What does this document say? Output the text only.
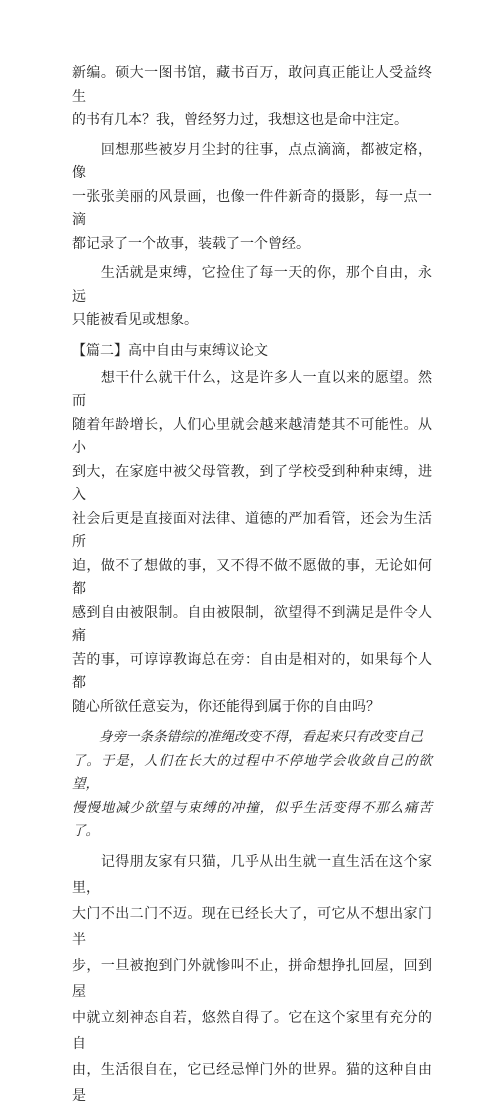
新编。硕大一图书馆，藏书百万，敢问真正能让人受益终生
的书有几本？我，曾经努力过，我想这也是命中注定。

　　回想那些被岁月尘封的往事，点点滴滴，都被定格，像
一张张美丽的风景画，也像一件件新奇的摄影，每一点一滴
都记录了一个故事，装载了一个曾经。

　　生活就是束缚，它捡住了每一天的你，那个自由，永远
只能被看见或想象。

【篇二】高中自由与束缚议论文

　　想干什么就干什么，这是许多人一直以来的愿望。然而
随着年龄增长，人们心里就会越来越清楚其不可能性。从小
到大，在家庭中被父母管教，到了学校受到种种束缚，进入
社会后更是直接面对法律、道德的严加看管，还会为生活所
迫，做不了想做的事，又不得不做不愿做的事，无论如何都
感到自由被限制。自由被限制，欲望得不到满足是件令人痛
苦的事，可谆谆教诲总在旁：自由是相对的，如果每个人都
随心所欲任意妄为，你还能得到属于你的自由吗？

　　身旁一条条错综的准绳改变不得，看起来只有改变自己
了。于是，人们在长大的过程中不停地学会收敛自己的欲望，
慢慢地减少欲望与束缚的冲撞，似乎生活变得不那么痛苦了。

　　记得朋友家有只猫，几乎从出生就一直生活在这个家里，
大门不出二门不迈。现在已经长大了，可它从不想出家门半
步，一旦被抱到门外就惨叫不止，拼命想挣扎回屋，回到屋
中就立刻神态自若，悠然自得了。它在这个家里有充分的自
由，生活很自在，它已经忌惮门外的世界。猫的这种自由是
